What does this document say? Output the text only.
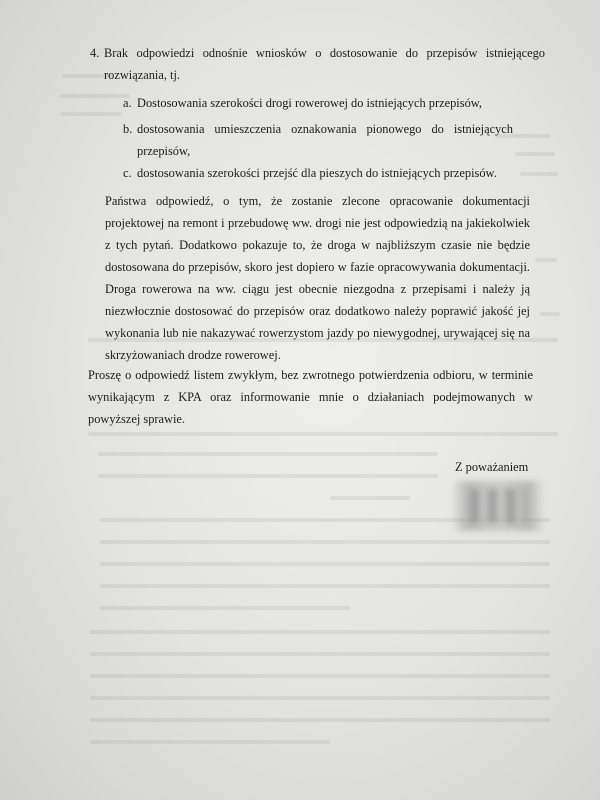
4. Brak odpowiedzi odnośnie wniosków o dostosowanie do przepisów istniejącego rozwiązania, tj.

a. Dostosowania szerokości drogi rowerowej do istniejących przepisów,

b. dostosowania umieszczenia oznakowania pionowego do istniejących przepisów,

c. dostosowania szerokości przejść dla pieszych do istniejących przepisów.

Państwa odpowiedź, o tym, że zostanie zlecone opracowanie dokumentacji projektowej na remont i przebudowę ww. drogi nie jest odpowiedzią na jakiekolwiek z tych pytań. Dodatkowo pokazuje to, że droga w najbliższym czasie nie będzie dostosowana do przepisów, skoro jest dopiero w fazie opracowywania dokumentacji. Droga rowerowa na ww. ciągu jest obecnie niezgodna z przepisami i należy ją niezwłocznie dostosować do przepisów oraz dodatkowo należy poprawić jakość jej wykonania lub nie nakazywać rowerzystom jazdy po niewygodnej, urywającej się na skrzyżowaniach drodze rowerowej.

Proszę o odpowiedź listem zwykłym, bez zwrotnego potwierdzenia odbioru, w terminie wynikającym z KPA oraz informowanie mnie o działaniach podejmowanych w powyższej sprawie.

Z poważaniem
